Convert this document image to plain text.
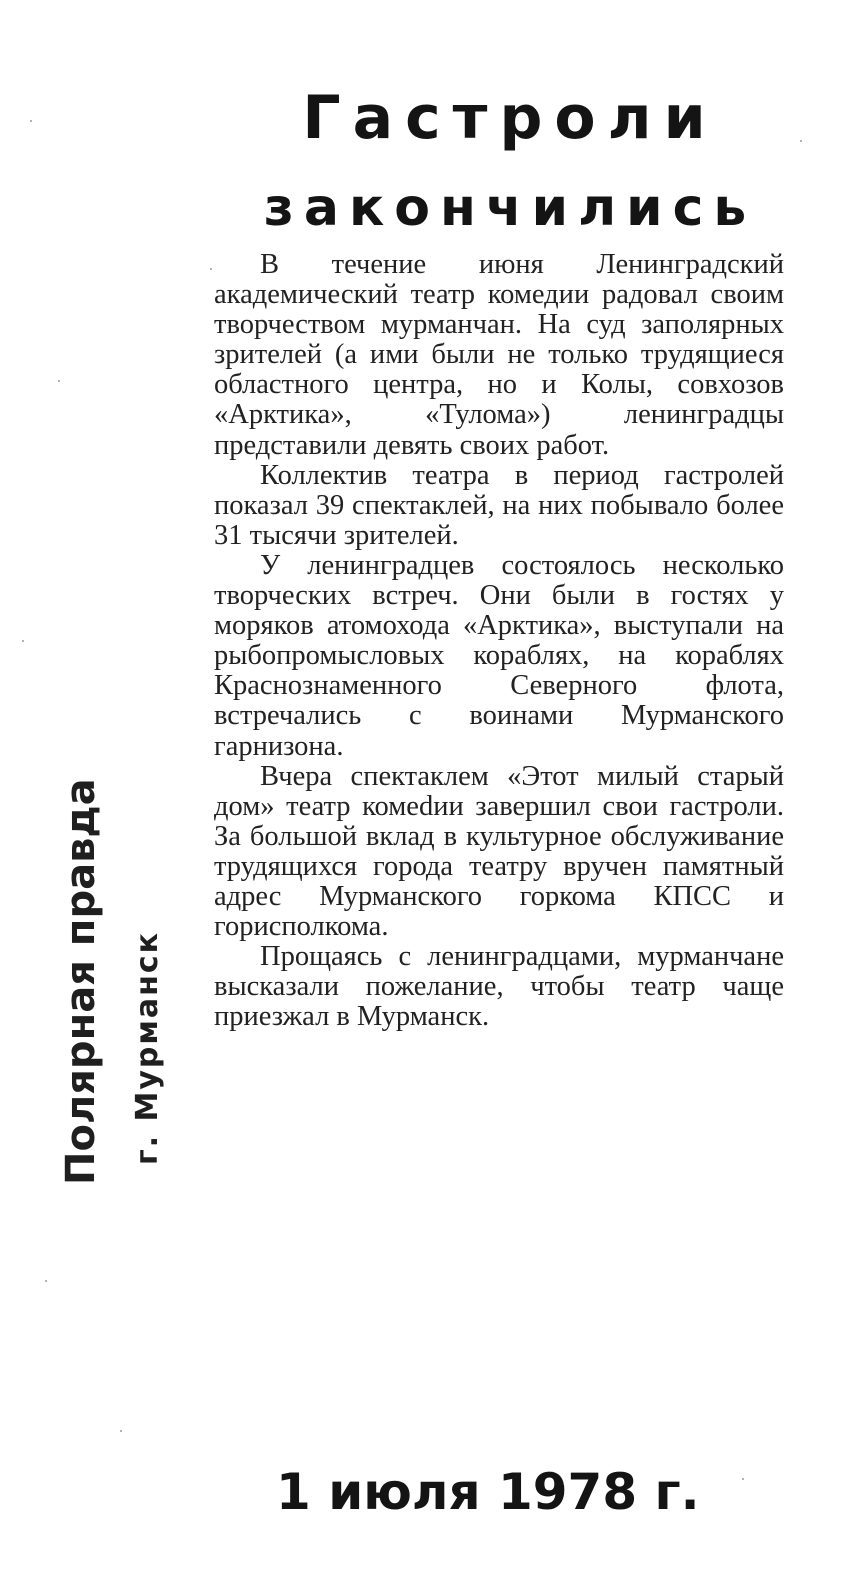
Гастроли
закончились
Полярная правда г. Мурманск

В течение июня Ленинградский академический театр комедии радовал своим творчеством мурманчан. На суд заполярных зрителей (а ими были не только трудящиеся областного центра, но и Колы, совхозов «Арктика», «Тулома») ленинградцы представили девять своих работ.

Коллектив театра в период гастролей показал 39 спектаклей, на них побывало более 31 тысячи зрителей.

У ленинградцев состоялось несколько творческих встреч. Они были в гостях у моряков атомохода «Арктика», выступали на рыбопромысловых кораблях, на кораблях Краснознаменного Северного флота, встречались с воинами Мурманского гарнизона.

Вчера спектаклем «Этот милый старый дом» театр комеdии завершил свои гастроли. За большой вклад в культурное обслуживание трудящихся города театру вручен памятный адрес Мурманского горкома КПСС и горисполкома.

Прощаясь с ленинградцами, мурманчане высказали пожелание, чтобы театр чаще приезжал в Мурманск.

1 июля 1978 г.
